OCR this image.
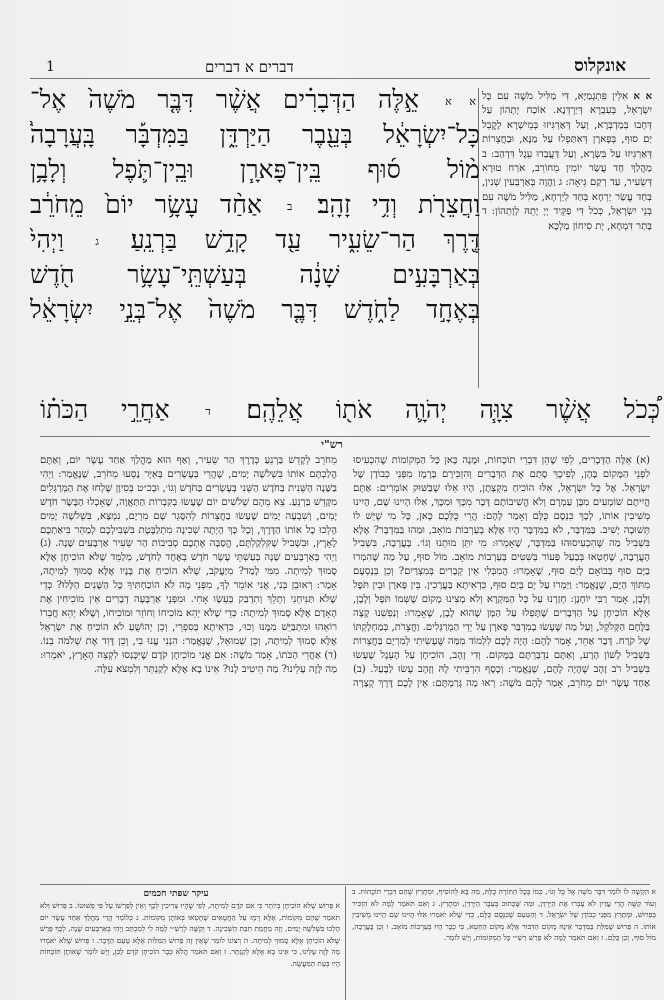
1	דברים א דברים	אונקלוס
א א אִלֵּין פִּתְגָמַיָּא, דִּי מַלִּיל מֹשֶׁה עִם כָּל יִשְׂרָאֵל, בְּעִבְרָא דְּיַרְדְּנָא. אוֹכַח יָתְהוֹן עַל דְּחָבוּ בְּמַדְבְּרָא, וְעַל דְּאַרְגִּיזוּ בְּמֵישְׁרָא לָקֳבֵל יַם סוּף, בְּפָארָן דְּאִתַּפְלוּ עַל מַנָּא, וּבַחֲצֵרוֹת דְּאַרְגִּיזוּ עַל בִּשְׂרָא, וְעַל דַּעֲבַדוּ עֵגֶל דִּדְהַב: ב מַהֲלַךְ חַד עֲשַׂר יוֹמִין מֵחוֹרֵב, אֹרַח טוּרָא דְּשֵׂעִיר, עַד רְקַם גֵּיאָה: ג וַהֲוָה בְּאַרְבְּעִין שְׁנִין, בְּחַד עֲשַׂר יַרְחָא בְּחַד לְיַרְחָא, מַלִּיל מֹשֶׁה עִם בְּנֵי יִשְׂרָאֵל, כְּכֹל דִּי פַקֵּיד יְיָ יָתֵהּ לְוָתְהוֹן: ד בָּתַר דִּמְחָא, יָת סִיחוֹן מַלְכָּא
א א אֵ֣לֶּה הַדְּבָרִ֗ים אֲשֶׁ֨ר דִּבֶּ֤ר מֹשֶׁה֙ אֶל־
כָּל־יִשְׂרָאֵ֔ל בְּעֵ֖בֶר הַיַּרְדֵּ֑ן בַּמִּדְבָּ֡ר בָּֽעֲרָבָה֩
מ֨וֹל ס֜וּף בֵּֽין־פָּארָ֧ן וּבֵֽין־תֹּ֛פֶל וְלָבָ֥ן
וַחֲצֵרֹ֖ת וְדִ֥י זָהָֽב׃ ב אַחַ֨ד עָשָׂ֥ר יוֹם֙ מֵֽחֹרֵ֔ב
דֶּ֖רֶךְ הַר־שֵׂעִ֑יר עַ֖ד קָדֵ֥שׁ בַּרְנֵֽעַ׃ ג וַיְהִי֙
בְּאַרְבָּעִ֣ים שָׁנָ֔ה בְּעַשְׁתֵּֽי־עָשָׂ֥ר חֹ֖דֶשׁ
בְּאֶחָ֣ד לַחֹ֑דֶשׁ דִּבֶּ֤ר מֹשֶׁה֙ אֶל־בְּנֵ֣י יִשְׂרָאֵ֔ל
כְּ֠כֹל אֲשֶׁ֨ר צִוָּ֧ה יְהֹוָ֛ה אֹת֖וֹ אֲלֵהֶֽם׃ ד אַחֲרֵ֣י הַכֹּת֗וֹ
רש"י
(א) אֵלֶּה הַדְּבָרִים, לְפִי שֶׁהֵן דִּבְרֵי תוֹכָחוֹת, וּמָנָה כָּאן כָּל הַמְּקוֹמוֹת שֶׁהִכְעִיסוּ לִפְנֵי הַמָּקוֹם בָּהֶן, לְפִיכָךְ סָתַם אֶת הַדְּבָרִים וְהִזְכִּירָם בְּרֶמֶז מִפְּנֵי כְבוֹדָן שֶׁל יִשְׂרָאֵל. אֶל כָּל יִשְׂרָאֵל, אִלּוּ הוֹכִיחַ מִקְצָתָן, הָיוּ אֵלּוּ שֶׁבַּשּׁוּק אוֹמְרִים: אַתֶּם הֱיִיתֶם שׁוֹמְעִים מִבֶּן עַמְרָם וְלֹא הֱשִׁיבוֹתֶם דָּבָר מִכָּךְ וּמִכָּךְ, אִלּוּ הָיִינוּ שָׁם, הָיִינוּ מְשִׁיבִין אוֹתוֹ, לְכָךְ כִּנְּסָם כֻּלָּם וְאָמַר לָהֶם: הֲרֵי כֻּלְּכֶם כָּאן, כָּל מִי שֶׁיֵּשׁ לוֹ תְּשׁוּבָה יָשִׁיב. בַּמִּדְבָּר, לֹא בַמִּדְבָּר הָיוּ אֶלָּא בְעַרְבוֹת מוֹאָב, וּמַהוּ בַּמִּדְבָּר? אֶלָּא בִּשְׁבִיל מַה שֶּׁהִכְעִיסוּהוּ בַּמִּדְבָּר, שֶׁאָמְרוּ: מִי יִתֵּן מוּתֵנוּ וְגוֹ׳. בָּעֲרָבָה, בִּשְׁבִיל הָעֲרָבָה, שֶׁחָטְאוּ בְּבַעַל פְּעוֹר בְּשִׁטִּים בְּעַרְבוֹת מוֹאָב. מוֹל סוּף, עַל מַה שֶּׁהִמְרוּ בַיָּם סוּף בְּבוֹאָם לְיַם סוּף, שֶׁאָמְרוּ: הֲמִבְּלִי אֵין קְבָרִים בְּמִצְרַיִם? וְכֵן בְּנָסְעָם מִתּוֹךְ הַיָּם, שֶׁנֶּאֱמַר: וַיַּמְרוּ עַל יָם בְּיַם סוּף, כִּדְאִיתָא בַּעֲרָכִין. בֵּין פָּארָן וּבֵין תֹּפֶל וְלָבָן, אָמַר רַבִּי יוֹחָנָן: חָזַרְנוּ עַל כָּל הַמִּקְרָא וְלֹא מָצִינוּ מָקוֹם שֶׁשְּׁמוֹ תֹּפֶל וְלָבָן, אֶלָּא הוֹכִיחָן עַל הַדְּבָרִים שֶׁתָּפְלוּ עַל הַמָּן שֶׁהוּא לָבָן, שֶׁאָמְרוּ: וְנַפְשֵׁנוּ קָצָה בַּלֶּחֶם הַקְּלֹקֵל, וְעַל מַה שֶּׁעָשׂוּ בְמִדְבַּר פָּארָן עַל יְדֵי הַמְרַגְּלִים. וַחֲצֵרֹת, בְּמַחְלָקְתּוֹ שֶׁל קֹרַח. דָּבָר אַחֵר, אָמַר לָהֶם: הָיָה לָכֶם לִלְמוֹד מִמַּה שֶּׁעָשִׂיתִי לְמִרְיָם בַּחֲצֵרוֹת בִּשְׁבִיל לָשׁוֹן הָרָע, וְאַתֶּם נִדְבַּרְתֶּם בַּמָּקוֹם. וְדִי זָהָב, הוֹכִיחָן עַל הָעֵגֶל שֶׁעָשׂוּ בִּשְׁבִיל רֹב זָהָב שֶׁהָיָה לָהֶם, שֶׁנֶּאֱמַר: וְכֶסֶף הִרְבֵּיתִי לָהּ וְזָהָב עָשׂוּ לַבָּעַל. (ב) אַחַד עָשָׂר יוֹם מֵחֹרֵב, אָמַר לָהֶם מֹשֶׁה: רְאוּ מַה גְּרַמְתֶּם: אֵין לָכֶם דֶּרֶךְ קְצָרָה מֵחֹרֵב לְקָדֵשׁ בַּרְנֵעַ כְּדֶרֶךְ הַר שֵׂעִיר, וְאַף הוּא מַהֲלַךְ אַחַד עָשָׂר יוֹם, וְאַתֶּם הֲלַכְתֶּם אוֹתוֹ בִּשְׁלֹשָׁה יָמִים, שֶׁהֲרֵי בְּעֶשְׂרִים בְּאִיָּר נָסְעוּ מֵחֹרֵב, שֶׁנֶּאֱמַר: וַיְהִי בַּשָּׁנָה הַשֵּׁנִית בַּחֹדֶשׁ הַשֵּׁנִי בְּעֶשְׂרִים בַּחֹדֶשׁ וְגוֹ׳, וּבְכ״ט בְּסִיוָן שָׁלְחוּ אֶת הַמְרַגְּלִים מִקָּדֵשׁ בַּרְנֵעַ. צֵא מֵהֶם שְׁלֹשִׁים יוֹם שֶׁעָשׂוּ בְקִבְרוֹת הַתַּאֲוָה, שֶׁאָכְלוּ הַבָּשָׂר חֹדֶשׁ יָמִים, וְשִׁבְעָה יָמִים שֶׁעָשׂוּ בַחֲצֵרוֹת לְהִסָּגֵר שָׁם מִרְיָם, נִמְצָא, בִּשְׁלֹשָׁה יָמִים הָלְכוּ כָל אוֹתוֹ הַדֶּרֶךְ, וְכָל כָּךְ הָיְתָה שְׁכִינָה מִתְלַבֶּטֶת בִּשְׁבִילְכֶם לְמַהֵר בִּיאַתְכֶם לָאָרֶץ, וּבִשְׁבִיל שֶׁקִּלְקַלְתֶּם, הֱסַבָּה אֶתְכֶם סְבִיבוֹת הַר שֵׂעִיר אַרְבָּעִים שָׁנָה. (ג) וַיְהִי בְּאַרְבָּעִים שָׁנָה בְּעַשְׁתֵּי עָשָׂר חֹדֶשׁ בְּאֶחָד לַחֹדֶשׁ, מְלַמֵּד שֶׁלֹּא הוֹכִיחָן אֶלָּא סָמוּךְ לְמִיתָה. מִמִּי לָמַד? מִיַּעֲקֹב, שֶׁלֹּא הוֹכִיחַ אֶת בָּנָיו אֶלָּא סָמוּךְ לְמִיתָה, אָמַר: רְאוּבֵן בְּנִי, אֲנִי אוֹמֵר לְךָ, מִפְּנֵי מָה לֹא הוֹכַחְתִּיךָ כָּל הַשָּׁנִים הַלָּלוּ? כְּדֵי שֶׁלֹּא תַּנִּיחֵנִי וְתֵלֵךְ וְתִדְבַּק בְּעֵשָׂו אָחִי. וּמִפְּנֵי אַרְבָּעָה דְבָרִים אֵין מוֹכִיחִין אֶת הָאָדָם אֶלָּא סָמוּךְ לְמִיתָה: כְּדֵי שֶׁלֹּא יְהֵא מוֹכִיחוֹ וְחוֹזֵר וּמוֹכִיחוֹ, וְשֶׁלֹּא יְהֵא חֲבֵרוֹ רוֹאֵהוּ וּמִתְבַּיֵּשׁ מִמֶּנּוּ וְכוּ׳, כִּדְאִיתָא בְּסִפְרֵי, וְכֵן יְהוֹשֻׁעַ לֹא הוֹכִיחַ אֶת יִשְׂרָאֵל אֶלָּא סָמוּךְ לְמִיתָה, וְכֵן שְׁמוּאֵל, שֶׁנֶּאֱמַר: הִנְנִי עֲנוּ בִי, וְכֵן דָּוִד אֶת שְׁלֹמֹה בְנוֹ. (ד) אַחֲרֵי הַכֹּתוֹ, אָמַר מֹשֶׁה: אִם אֲנִי מוֹכִיחָן קֹדֶם שֶׁיִּכָּנְסוּ לִקְצֵה הָאָרֶץ, יֹאמְרוּ: מַה לָּזֶה עָלֵינוּ? מַה הֵיטִיב לָנוּ? אֵינוֹ בָא אֶלָּא לְקַנְתֵּר וְלִמְצֹא עִלָּה.
עיקר שפתי חכמים
א פֵּרוּשׁ שֶׁלֹּא הוֹכִיחָן בְּיוֹתֵר כִּי אִם קֹדֶם לְמִיתָה, לְפִי שֶׁהָיוּ צְרִיכִין לְכָךְ וְאֵין לְפַרְשׁוֹ עַל פִּי פְשׁוּטוֹ. ב פֵּרוּשׁ וְלֹא תֹאמַר שֶׁהֵם מְקוֹמוֹת, אֶלָּא רֶמֶז עַל הַחֲטָאִים שֶׁחָטְאוּ בְּאוֹתָן מְקוֹמוֹת. ג כְּלוֹמַר הֲרֵי מַהֲלַךְ אַחַד עָשָׂר יוֹם הָלְכוּ בִּשְׁלֹשָׁה יָמִים, וְזֶה מֵחֲמַת חִבַּת הַשְּׁכִינָה. ד וְקַשֶּׁה לְרַשִׁ״י לָמָּה לִי לְמִכְתַּב וַיְהִי בְּאַרְבָּעִים שָׁנָה, לְכָךְ פֵּרֵשׁ שֶׁלֹּא הוֹכִיחָן אֶלָּא סָמוּךְ לְמִיתָה. ה רְצוֹנוֹ לוֹמַר שֶׁאֵין זֶה פֵּרוּשׁ הַמִּלּוֹת אֶלָּא טַעַם הַדָּבָר. ו פֵּרוּשׁ שֶׁלֹּא יֹאמְרוּ מַה לָּזֶה עָלֵינוּ, כִּי אֵינוֹ בָא אֶלָּא לְקַנְתֵּר. ז וְאִם תֹּאמַר הֲלֹא כְּבָר הוֹכִיחָן קֹדֶם לָכֵן, וְיֵשׁ לוֹמַר שֶׁאוֹתָן תּוֹכָחוֹת הָיוּ בְּעֵת הַמַּעֲשֶׂה.
א הִקְשָׁה לוֹ לוֹמַר דִּבֶּר מֹשֶׁה אֶל כָּל וְגוֹ׳, כְּמוֹ בְּכָל הַתּוֹרָה כֻּלָּהּ, מַה בָּא לְהוֹסִיף, וּמְתָרֵץ שֶׁהֵם דִּבְרֵי תוֹכָחוֹת. ב וְעוֹד קַשֶּׁה הֲרֵי עֲדַיִן לֹא עָבְרוּ אֶת הַיַּרְדֵּן, וּמַה שֶּׁכָּתוּב בְּעֵבֶר הַיַּרְדֵּן, וּמְתָרֵץ. ג וְאִם תֹּאמַר לָמָּה לֹא הִזְכִּיר בְּפֵרוּשׁ, וּמְתָרֵץ מִפְּנֵי כְבוֹדָן שֶׁל יִשְׂרָאֵל. ד וְהַטַּעַם שֶׁכִּנְּסָם כֻּלָּם, כְּדֵי שֶׁלֹּא יֹאמְרוּ אִלּוּ הָיִינוּ שָׁם הָיִינוּ מְשִׁיבִין אוֹתוֹ. ה פֵּרוּשׁ שֶׁמִּלַּת בַּמִּדְבָּר אֵינָהּ מְקוֹם הַדִּבּוּר אֶלָּא מְקוֹם הַחֵטְא, כִּי כְבָר הָיוּ בְּעַרְבוֹת מוֹאָב. ו וְכֵן בָּעֲרָבָה, מוֹל סוּף, וְכֵן כֻּלָּם. ז וְאִם תֹּאמַר לָמָּה לֹא פֵּרֵשׁ רַשִׁ״י כָּל הַמְּקוֹמוֹת, וְיֵשׁ לוֹמַר.
